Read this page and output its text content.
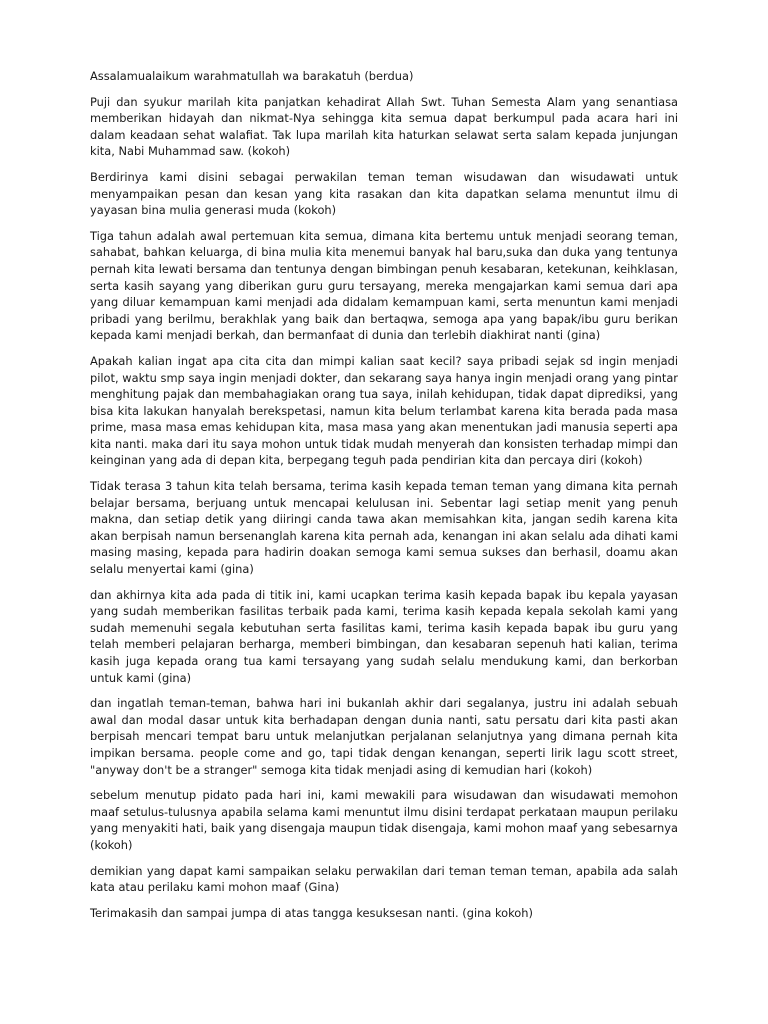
Assalamualaikum warahmatullah wa barakatuh (berdua)

Puji dan syukur marilah kita panjatkan kehadirat Allah Swt. Tuhan Semesta Alam yang senantiasa memberikan hidayah dan nikmat-Nya sehingga kita semua dapat berkumpul pada acara hari ini dalam keadaan sehat walafiat. Tak lupa marilah kita haturkan selawat serta salam kepada junjungan kita, Nabi Muhammad saw. (kokoh)

Berdirinya kami disini sebagai perwakilan teman teman wisudawan dan wisudawati untuk menyampaikan pesan dan kesan yang kita rasakan dan kita dapatkan selama menuntut ilmu di yayasan bina mulia generasi muda (kokoh)

Tiga tahun adalah awal pertemuan kita semua, dimana kita bertemu untuk menjadi seorang teman, sahabat, bahkan keluarga, di bina mulia kita menemui banyak hal baru,suka dan duka yang tentunya pernah kita lewati bersama dan tentunya dengan bimbingan penuh kesabaran, ketekunan, keihklasan, serta kasih sayang yang diberikan guru guru tersayang, mereka mengajarkan kami semua dari apa yang diluar kemampuan kami menjadi ada didalam kemampuan kami, serta menuntun kami menjadi pribadi yang berilmu, berakhlak yang baik dan bertaqwa, semoga apa yang bapak/ibu guru berikan kepada kami menjadi berkah, dan bermanfaat di dunia dan terlebih diakhirat nanti (gina)

Apakah kalian ingat apa cita cita dan mimpi kalian saat kecil? saya pribadi sejak sd ingin menjadi pilot, waktu smp saya ingin menjadi dokter, dan sekarang saya hanya ingin menjadi orang yang pintar menghitung pajak dan membahagiakan orang tua saya, inilah kehidupan, tidak dapat diprediksi, yang bisa kita lakukan hanyalah berekspetasi, namun kita belum terlambat karena kita berada pada masa prime, masa masa emas kehidupan kita, masa masa yang akan menentukan jadi manusia seperti apa kita nanti. maka dari itu saya mohon untuk tidak mudah menyerah dan konsisten terhadap mimpi dan keinginan yang ada di depan kita, berpegang teguh pada pendirian kita dan percaya diri (kokoh)

Tidak terasa 3 tahun kita telah bersama, terima kasih kepada teman teman yang dimana kita pernah belajar bersama, berjuang untuk mencapai kelulusan ini. Sebentar lagi setiap menit yang penuh makna, dan setiap detik yang diiringi canda tawa akan memisahkan kita, jangan sedih karena kita akan berpisah namun bersenanglah karena kita pernah ada, kenangan ini akan selalu ada dihati kami masing masing, kepada para hadirin doakan semoga kami semua sukses dan berhasil, doamu akan selalu menyertai kami (gina)

dan akhirnya kita ada pada di titik ini, kami ucapkan terima kasih kepada bapak ibu kepala yayasan yang sudah memberikan fasilitas terbaik pada kami, terima kasih kepada kepala sekolah kami yang sudah memenuhi segala kebutuhan serta fasilitas kami, terima kasih kepada bapak ibu guru yang telah memberi pelajaran berharga, memberi bimbingan, dan kesabaran sepenuh hati kalian, terima kasih juga kepada orang tua kami tersayang yang sudah selalu mendukung kami, dan berkorban untuk kami (gina)

dan ingatlah teman-teman, bahwa hari ini bukanlah akhir dari segalanya, justru ini adalah sebuah awal dan modal dasar untuk kita berhadapan dengan dunia nanti, satu persatu dari kita pasti akan berpisah mencari tempat baru untuk melanjutkan perjalanan selanjutnya yang dimana pernah kita impikan bersama. people come and go, tapi tidak dengan kenangan, seperti lirik lagu scott street, "anyway don't be a stranger" semoga kita tidak menjadi asing di kemudian hari (kokoh)

sebelum menutup pidato pada hari ini, kami mewakili para wisudawan dan wisudawati memohon maaf setulus-tulusnya apabila selama kami menuntut ilmu disini terdapat perkataan maupun perilaku yang menyakiti hati, baik yang disengaja maupun tidak disengaja, kami mohon maaf yang sebesarnya (kokoh)

demikian yang dapat kami sampaikan selaku perwakilan dari teman teman teman, apabila ada salah kata atau perilaku kami mohon maaf (Gina)

Terimakasih dan sampai jumpa di atas tangga kesuksesan nanti. (gina kokoh)
